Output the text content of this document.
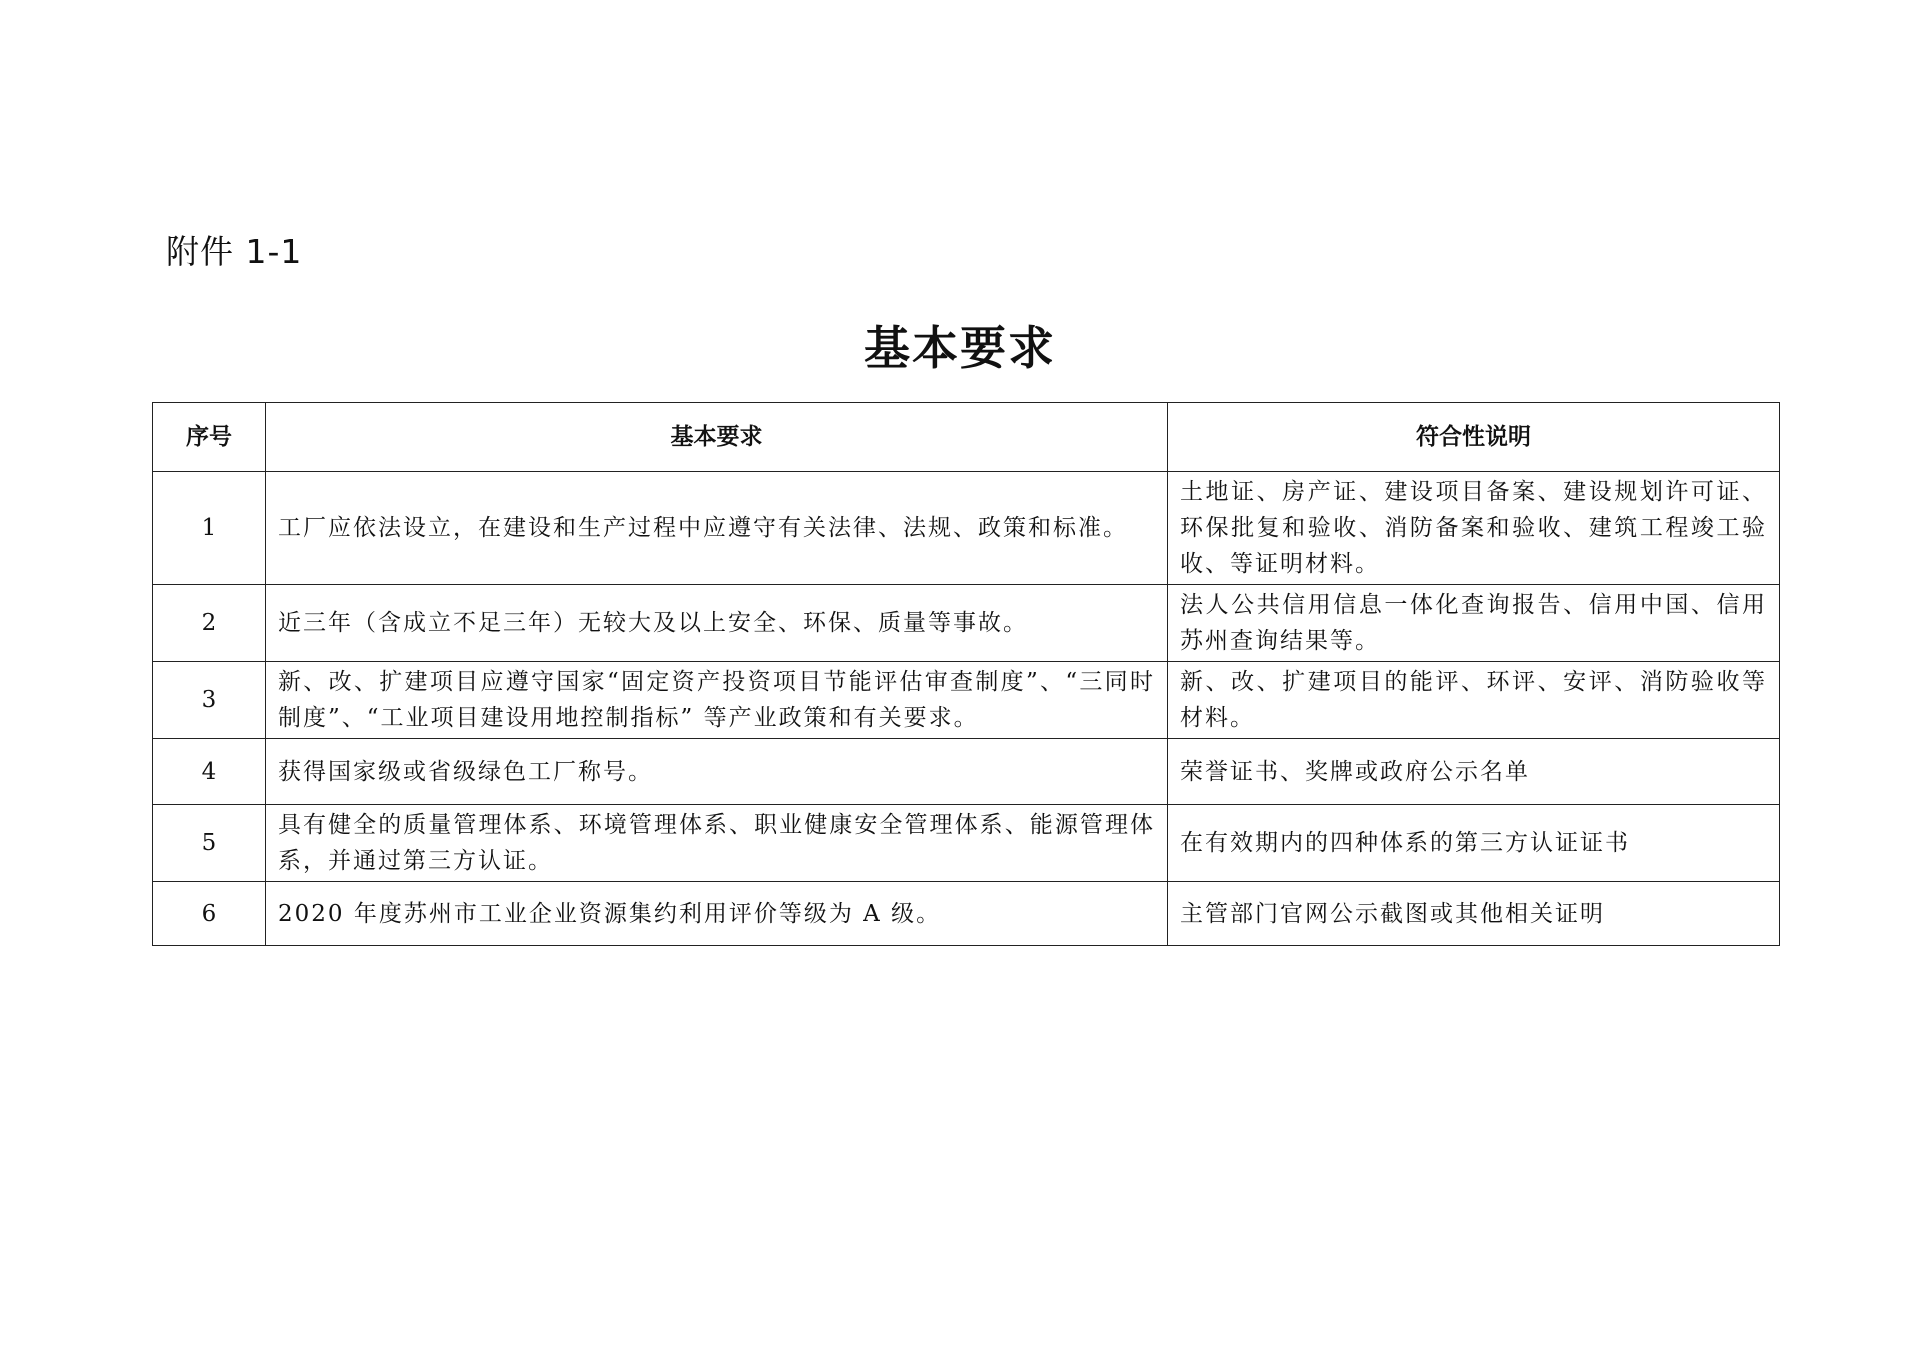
附件 1-1
基本要求
序号	基本要求	符合性说明
1	工厂应依法设立，在建设和生产过程中应遵守有关法律、法规、政策和标准。	土地证、房产证、建设项目备案、建设规划许可证、环保批复和验收、消防备案和验收、建筑工程竣工验收、等证明材料。
2	近三年（含成立不足三年）无较大及以上安全、环保、质量等事故。	法人公共信用信息一体化查询报告、信用中国、信用苏州查询结果等。
3	新、改、扩建项目应遵守国家“固定资产投资项目节能评估审查制度”、“三同时制度”、“工业项目建设用地控制指标” 等产业政策和有关要求。	新、改、扩建项目的能评、环评、安评、消防验收等材料。
4	获得国家级或省级绿色工厂称号。	荣誉证书、奖牌或政府公示名单
5	具有健全的质量管理体系、环境管理体系、职业健康安全管理体系、能源管理体系，并通过第三方认证。	在有效期内的四种体系的第三方认证证书
6	2020 年度苏州市工业企业资源集约利用评价等级为 A 级。	主管部门官网公示截图或其他相关证明
